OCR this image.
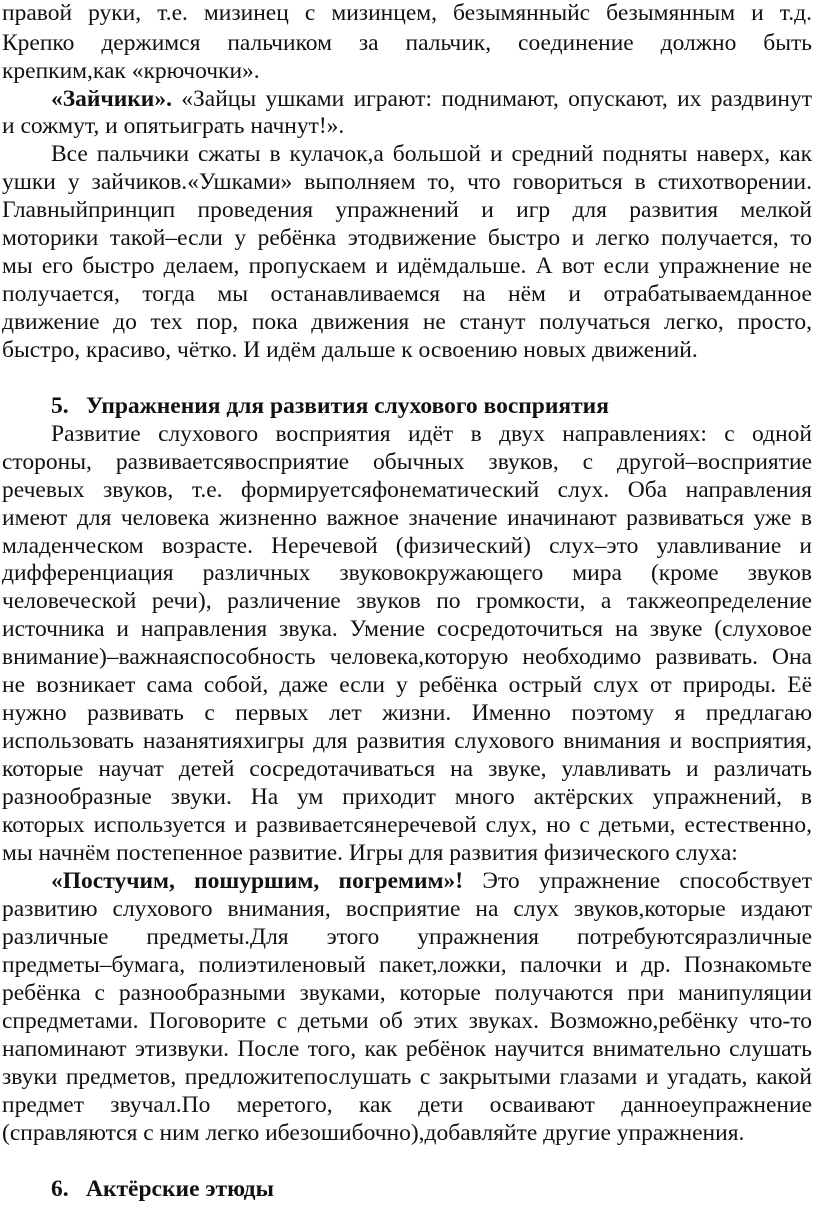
правой руки, т.е. мизинец с мизинцем, безымянныйс безымянным и т.д.
Крепко держимся пальчиком за пальчик, соединение должно быть
крепким,как «крючочки».
«Зайчики». «Зайцы ушками играют: поднимают, опускают, их раздвинут
и сожмут, и опятьиграть начнут!».
Все пальчики сжаты в кулачок,а большой и средний подняты наверх, как
ушки у зайчиков.«Ушками» выполняем то, что говориться в стихотворении.
Главныйпринцип проведения упражнений и игр для развития мелкой
моторики такой–если у ребёнка этодвижение быстро и легко получается, то
мы его быстро делаем, пропускаем и идёмдальше. А вот если упражнение не
получается, тогда мы останавливаемся на нём и отрабатываемданное
движение до тех пор, пока движения не станут получаться легко, просто,
быстро, красиво, чётко. И идём дальше к освоению новых движений.
5. Упражнения для развития слухового восприятия
Развитие слухового восприятия идёт в двух направлениях: с одной
стороны, развиваетсявосприятие обычных звуков, с другой–восприятие
речевых звуков, т.е. формируетсяфонематический слух. Оба направления
имеют для человека жизненно важное значение иначинают развиваться уже в
младенческом возрасте. Неречевой (физический) слух–это улавливание и
дифференциация различных звуковокружающего мира (кроме звуков
человеческой речи), различение звуков по громкости, а такжеопределение
источника и направления звука. Умение сосредоточиться на звуке (слуховое
внимание)–важнаяспособность человека,которую необходимо развивать. Она
не возникает сама собой, даже если у ребёнка острый слух от природы. Её
нужно развивать с первых лет жизни. Именно поэтому я предлагаю
использовать назанятияхигры для развития слухового внимания и восприятия,
которые научат детей сосредотачиваться на звуке, улавливать и различать
разнообразные звуки. На ум приходит много актёрских упражнений, в
которых используется и развиваетсянеречевой слух, но с детьми, естественно,
мы начнём постепенное развитие. Игры для развития физического слуха:
«Постучим, пошуршим, погремим»! Это упражнение способствует
развитию слухового внимания, восприятие на слух звуков,которые издают
различные предметы.Для этого упражнения потребуютсяразличные
предметы–бумага, полиэтиленовый пакет,ложки, палочки и др. Познакомьте
ребёнка с разнообразными звуками, которые получаются при манипуляции
спредметами. Поговорите с детьми об этих звуках. Возможно,ребёнку что-то
напоминают этизвуки. После того, как ребёнок научится внимательно слушать
звуки предметов, предложитепослушать с закрытыми глазами и угадать, какой
предмет звучал.По меретого, как дети осваивают данноеупражнение
(справляются с ним легко ибезошибочно),добавляйте другие упражнения.
6. Актёрские этюды
